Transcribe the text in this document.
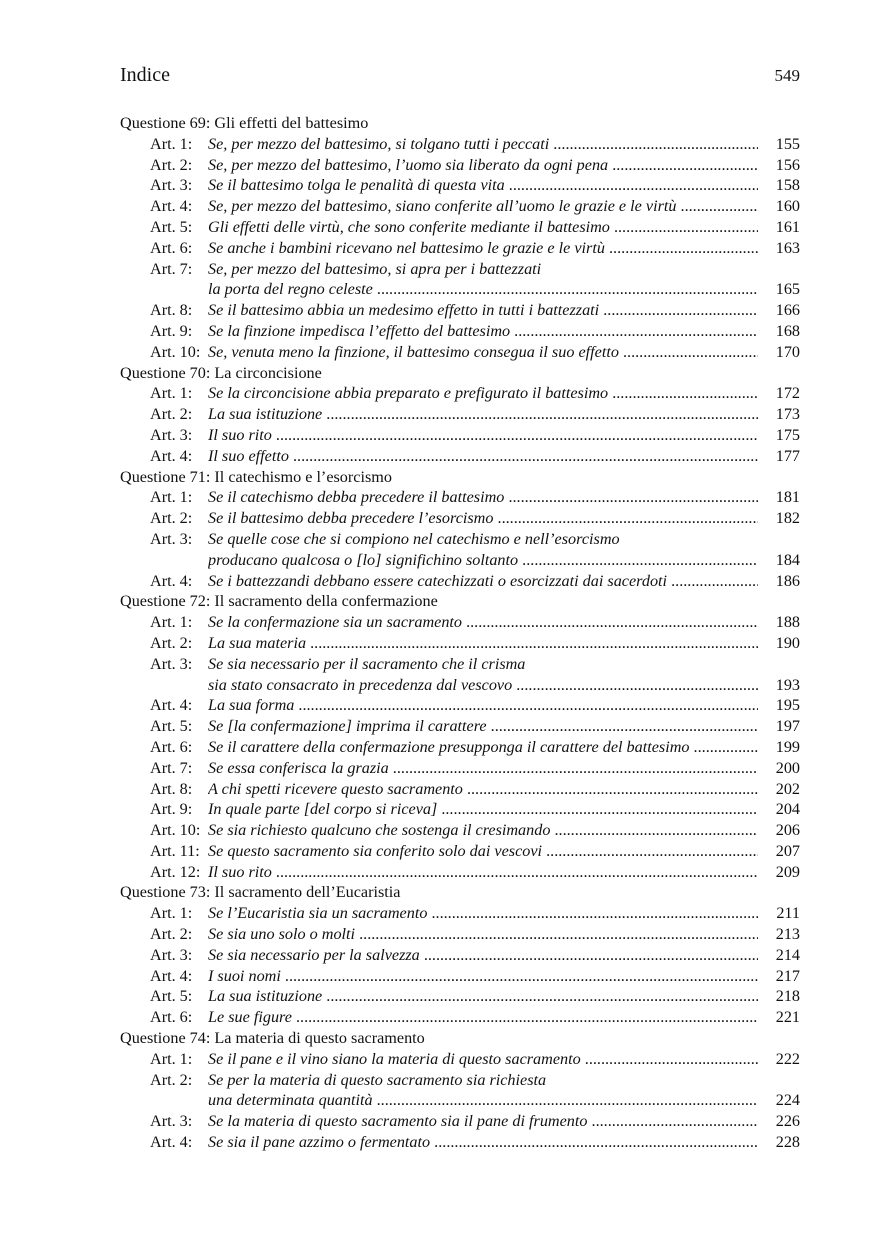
Indice	549
Questione 69: Gli effetti del battesimo
Art. 1: Se, per mezzo del battesimo, si tolgano tutti i peccati .....	155
Art. 2: Se, per mezzo del battesimo, l’uomo sia liberato da ogni pena .....	156
Art. 3: Se il battesimo tolga le penalità di questa vita .....	158
Art. 4: Se, per mezzo del battesimo, siano conferite all’uomo le grazie e le virtù .....	160
Art. 5: Gli effetti delle virtù, che sono conferite mediante il battesimo .....	161
Art. 6: Se anche i bambini ricevano nel battesimo le grazie e le virtù .....	163
Art. 7: Se, per mezzo del battesimo, si apra per i battezzati
la porta del regno celeste .....	165
Art. 8: Se il battesimo abbia un medesimo effetto in tutti i battezzati .....	166
Art. 9: Se la finzione impedisca l’effetto del battesimo .....	168
Art. 10: Se, venuta meno la finzione, il battesimo consegua il suo effetto .....	170
Questione 70: La circoncisione
Art. 1: Se la circoncisione abbia preparato e prefigurato il battesimo .....	172
Art. 2: La sua istituzione .....	173
Art. 3: Il suo rito .....	175
Art. 4: Il suo effetto .....	177
Questione 71: Il catechismo e l’esorcismo
Art. 1: Se il catechismo debba precedere il battesimo .....	181
Art. 2: Se il battesimo debba precedere l’esorcismo .....	182
Art. 3: Se quelle cose che si compiono nel catechismo e nell’esorcismo
producano qualcosa o [lo] significhino soltanto .....	184
Art. 4: Se i battezzandi debbano essere catechizzati o esorcizzati dai sacerdoti .....	186
Questione 72: Il sacramento della confermazione
Art. 1: Se la confermazione sia un sacramento .....	188
Art. 2: La sua materia .....	190
Art. 3: Se sia necessario per il sacramento che il crisma
sia stato consacrato in precedenza dal vescovo .....	193
Art. 4: La sua forma .....	195
Art. 5: Se [la confermazione] imprima il carattere .....	197
Art. 6: Se il carattere della confermazione presupponga il carattere del battesimo .....	199
Art. 7: Se essa conferisca la grazia .....	200
Art. 8: A chi spetti ricevere questo sacramento .....	202
Art. 9: In quale parte [del corpo si riceva] .....	204
Art. 10: Se sia richiesto qualcuno che sostenga il cresimando .....	206
Art. 11: Se questo sacramento sia conferito solo dai vescovi .....	207
Art. 12: Il suo rito .....	209
Questione 73: Il sacramento dell’Eucaristia
Art. 1: Se l’Eucaristia sia un sacramento .....	211
Art. 2: Se sia uno solo o molti .....	213
Art. 3: Se sia necessario per la salvezza .....	214
Art. 4: I suoi nomi .....	217
Art. 5: La sua istituzione .....	218
Art. 6: Le sue figure .....	221
Questione 74: La materia di questo sacramento
Art. 1: Se il pane e il vino siano la materia di questo sacramento .....	222
Art. 2: Se per la materia di questo sacramento sia richiesta
una determinata quantità .....	224
Art. 3: Se la materia di questo sacramento sia il pane di frumento .....	226
Art. 4: Se sia il pane azzimo o fermentato .....	228
